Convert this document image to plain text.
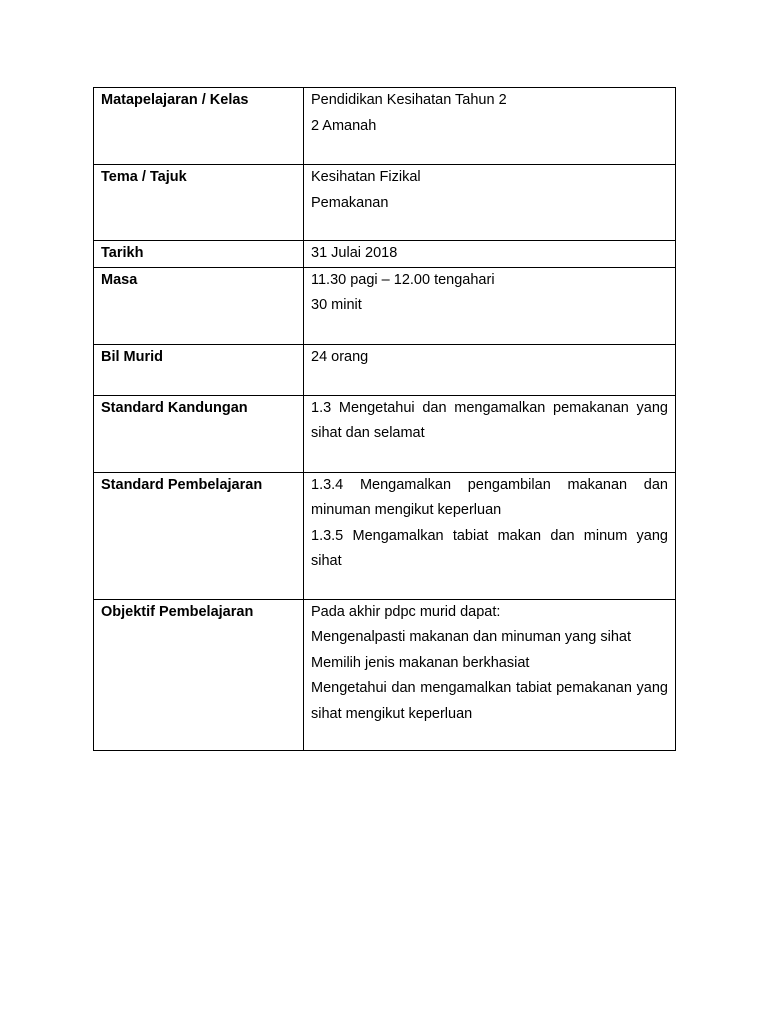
Matapelajaran / Kelas	Pendidikan Kesihatan Tahun 2

2 Amanah

Tema / Tajuk	Kesihatan Fizikal

Pemakanan

Tarikh	31 Julai 2018

Masa	11.30 pagi – 12.00 tengahari

30 minit

Bil Murid	24 orang

Standard Kandungan	1.3 Mengetahui dan mengamalkan pemakanan yang sihat dan selamat

Standard Pembelajaran	1.3.4 Mengamalkan pengambilan makanan dan minuman mengikut keperluan

1.3.5 Mengamalkan tabiat makan dan minum yang sihat

Objektif Pembelajaran	Pada akhir pdpc murid dapat:

Mengenalpasti makanan dan minuman yang sihat

Memilih jenis makanan berkhasiat

Mengetahui dan mengamalkan tabiat pemakanan yang sihat mengikut keperluan
